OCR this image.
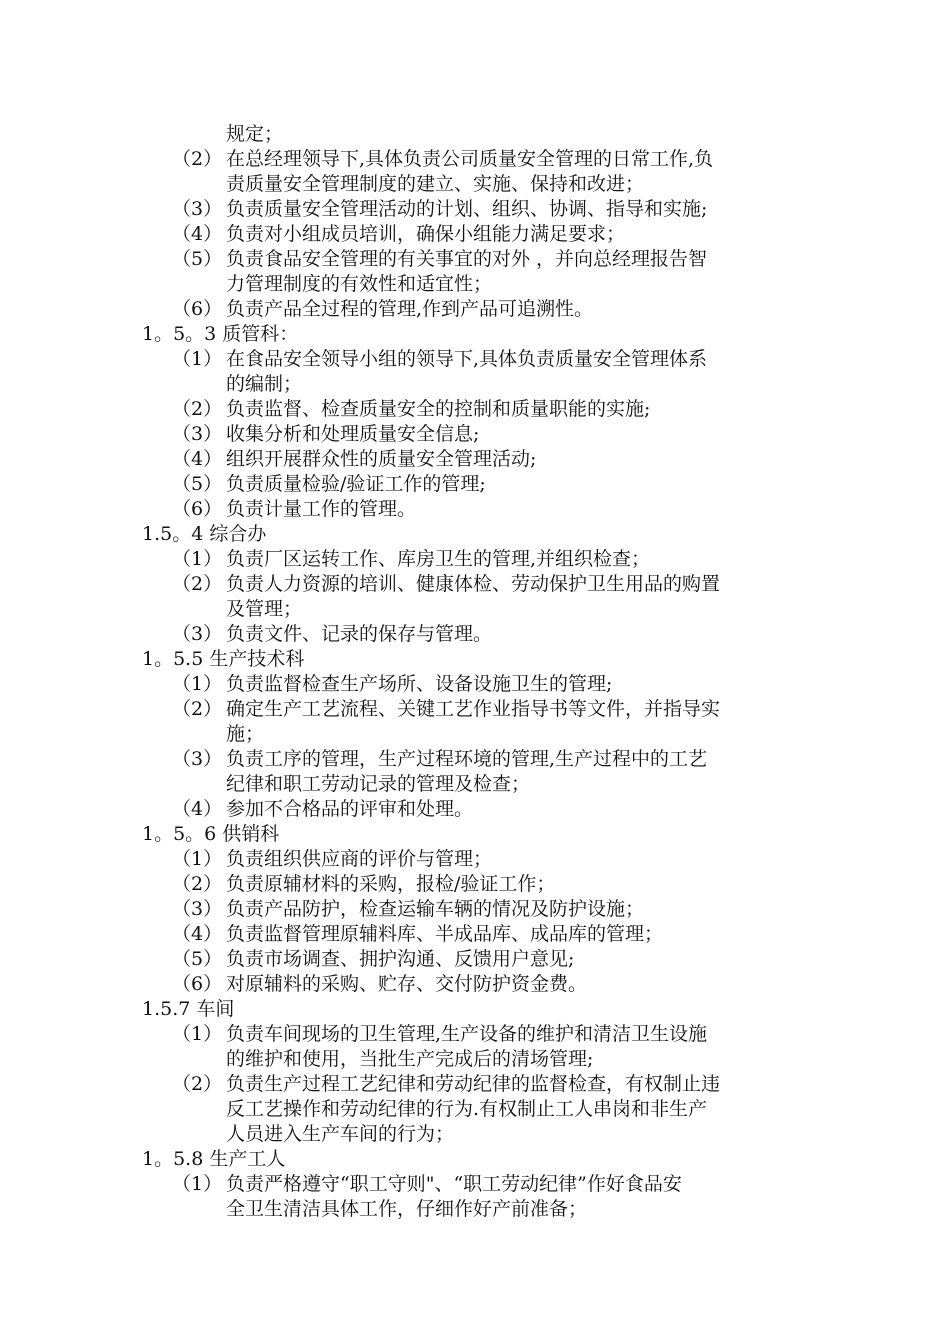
规定；
（2） 在总经理领导下,具体负责公司质量安全管理的日常工作,负
责质量安全管理制度的建立、实施、保持和改进；
（3） 负责质量安全管理活动的计划、组织、协调、指导和实施;
（4） 负责对小组成员培训，确保小组能力满足要求；
（5） 负责食品安全管理的有关事宜的对外 ，并向总经理报告智
力管理制度的有效性和适宜性；
（6） 负责产品全过程的管理,作到产品可追溯性。
1。5。3 质管科：
（1） 在食品安全领导小组的领导下,具体负责质量安全管理体系
的编制；
（2） 负责监督、检查质量安全的控制和质量职能的实施;
（3） 收集分析和处理质量安全信息;
（4） 组织开展群众性的质量安全管理活动;
（5） 负责质量检验/验证工作的管理;
（6） 负责计量工作的管理。
1.5。4 综合办
（1） 负责厂区运转工作、库房卫生的管理,并组织检查；
（2） 负责人力资源的培训、健康体检、劳动保护卫生用品的购置
及管理；
（3） 负责文件、记录的保存与管理。
1。5.5 生产技术科
（1） 负责监督检查生产场所、设备设施卫生的管理;
（2） 确定生产工艺流程、关键工艺作业指导书等文件，并指导实
施；
（3） 负责工序的管理，生产过程环境的管理,生产过程中的工艺
纪律和职工劳动记录的管理及检查；
（4） 参加不合格品的评审和处理。
1。5。6 供销科
（1） 负责组织供应商的评价与管理；
（2） 负责原辅材料的采购，报检/验证工作；
（3） 负责产品防护，检查运输车辆的情况及防护设施；
（4） 负责监督管理原辅料库、半成品库、成品库的管理；
（5） 负责市场调查、拥护沟通、反馈用户意见;
（6） 对原辅料的采购、贮存、交付防护资金费。
1.5.7 车间
（1） 负责车间现场的卫生管理,生产设备的维护和清洁卫生设施
的维护和使用，当批生产完成后的清场管理;
（2） 负责生产过程工艺纪律和劳动纪律的监督检查，有权制止违
反工艺操作和劳动纪律的行为.有权制止工人串岗和非生产
人员进入生产车间的行为；
1。5.8 生产工人
（1） 负责严格遵守“职工守则"、“职工劳动纪律”作好食品安
全卫生清洁具体工作，仔细作好产前准备；
